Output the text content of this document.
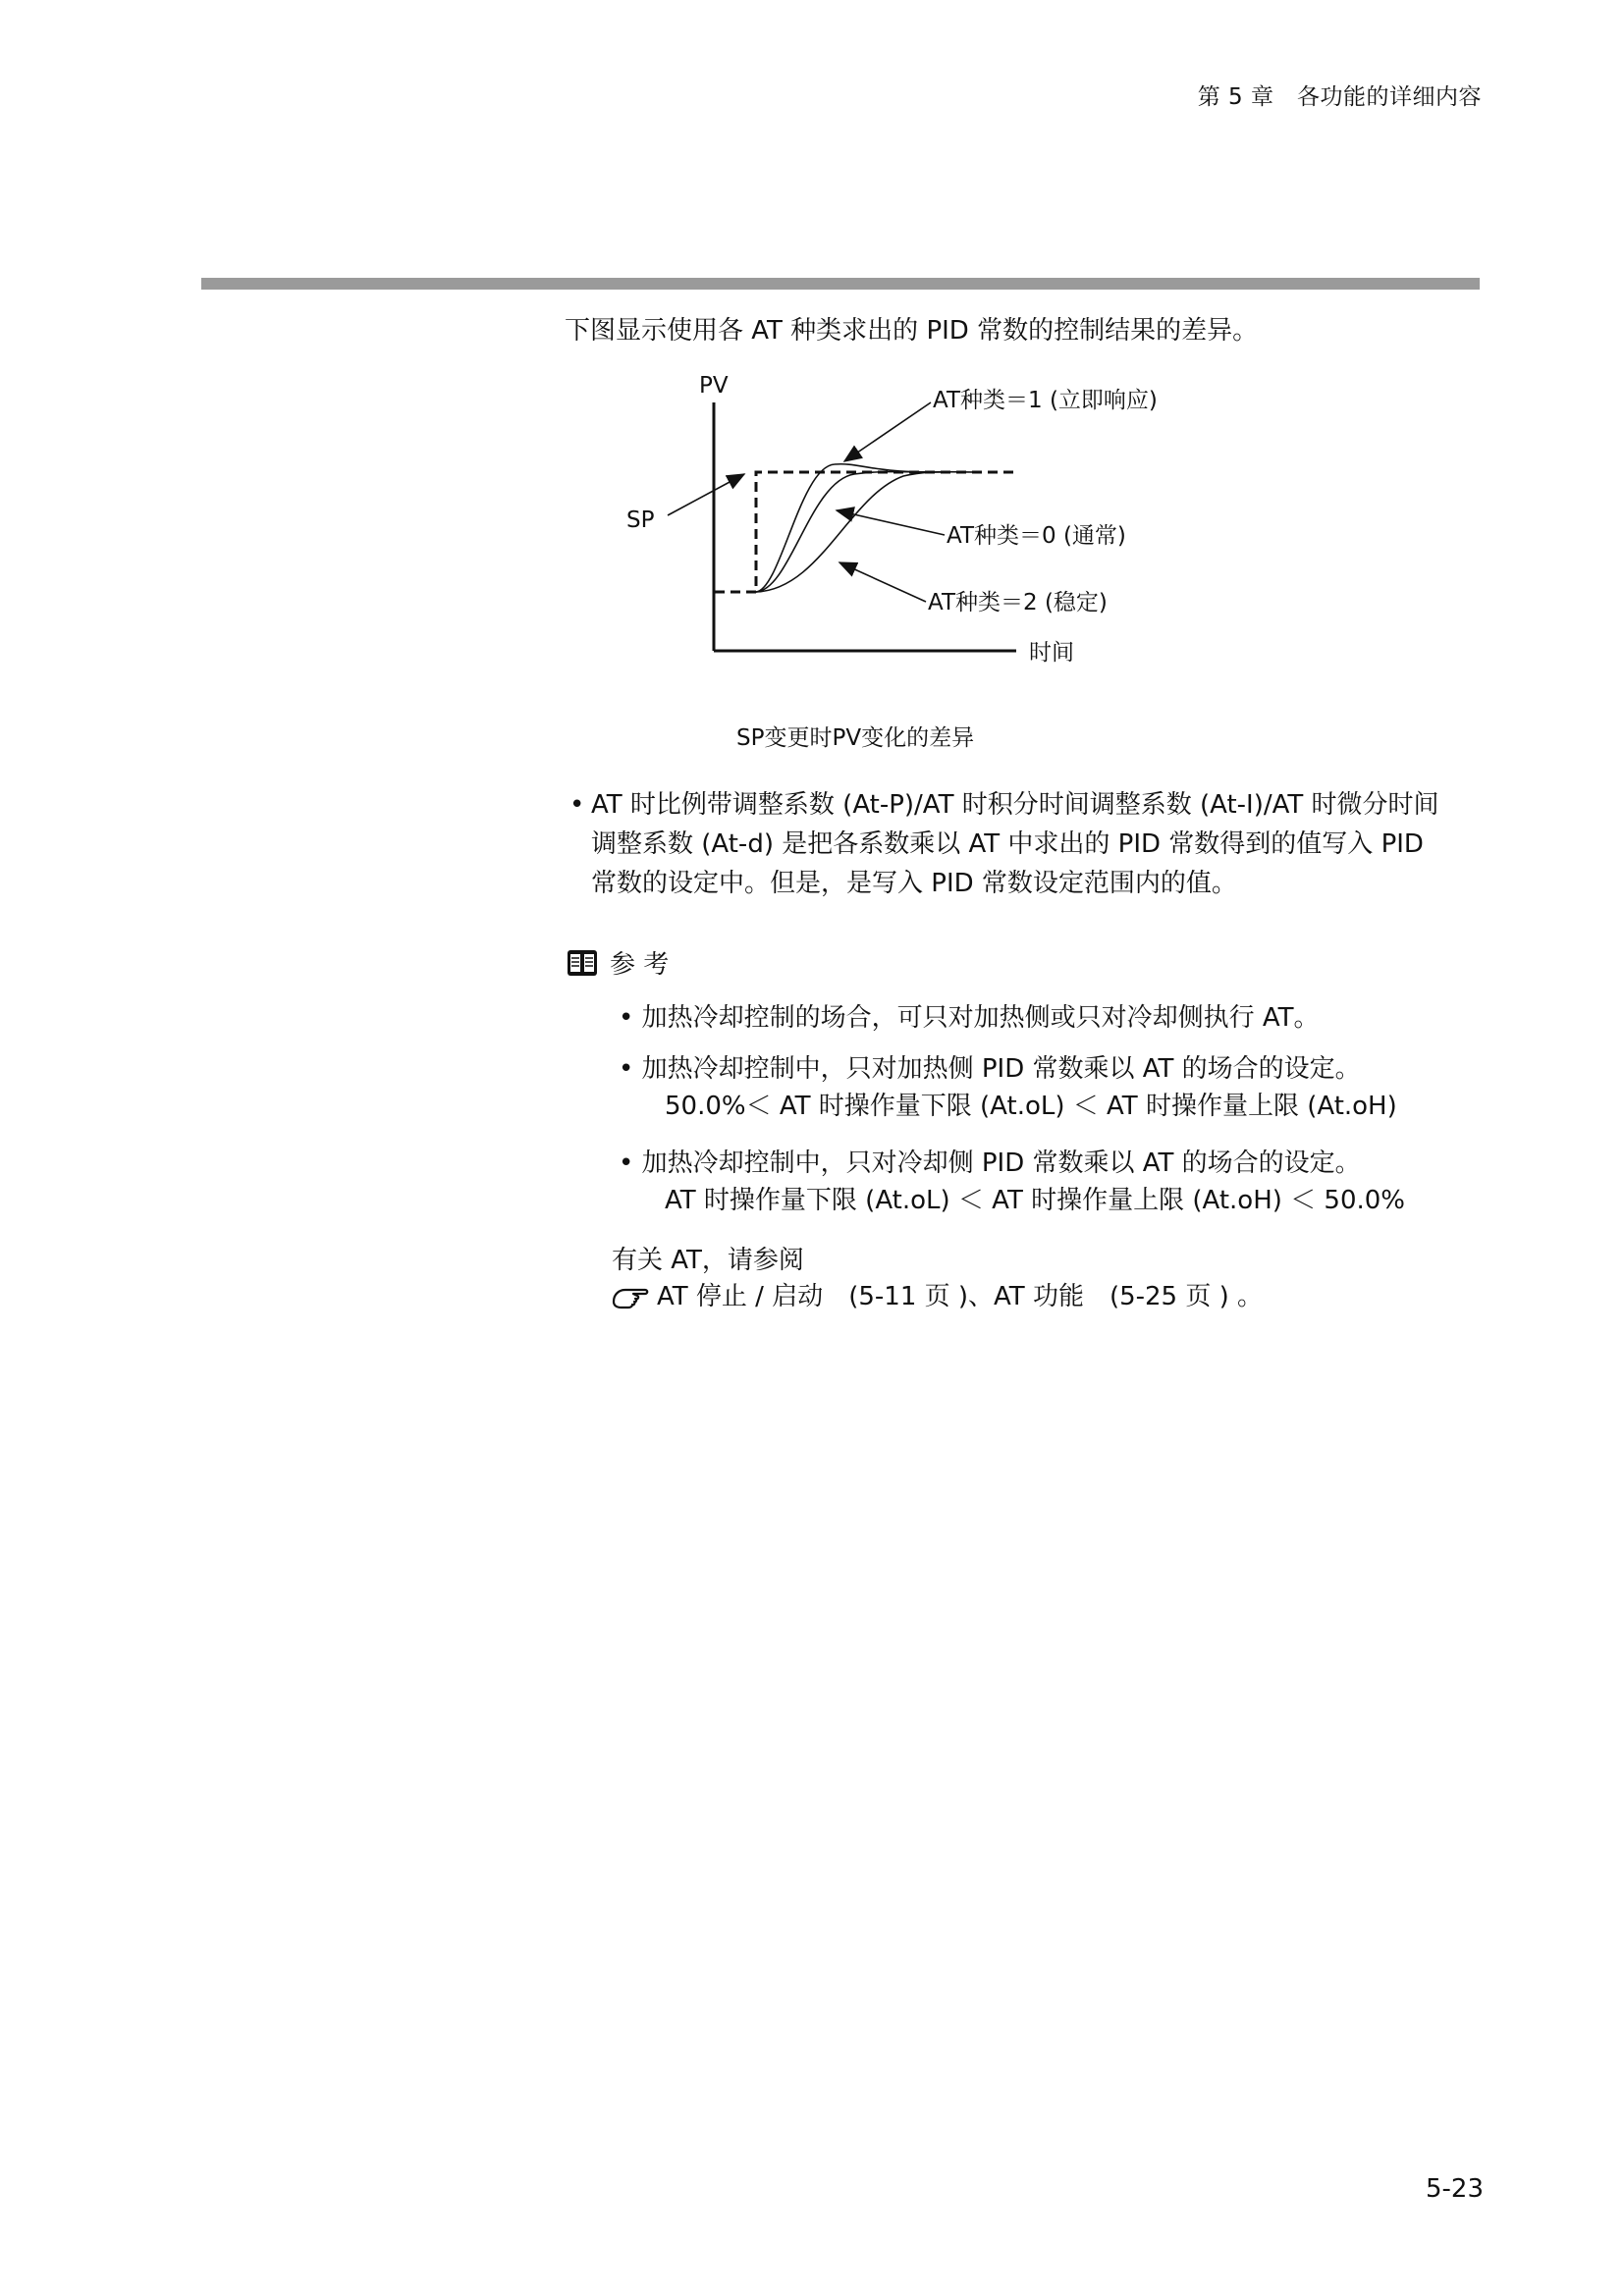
第 5 章　各功能的详细内容
下图显示使用各 AT 种类求出的 PID 常数的控制结果的差异。
PV
时间
SP
AT种类＝1 (立即响应)
AT种类＝0 (通常)
AT种类＝2 (稳定)
SP变更时PV变化的差异
• AT 时比例带调整系数 (At-P)/AT 时积分时间调整系数 (At-I)/AT 时微分时间
调整系数 (At-d) 是把各系数乘以 AT 中求出的 PID 常数得到的值写入 PID
常数的设定中。但是，是写入 PID 常数设定范围内的值。
参 考
• 加热冷却控制的场合，可只对加热侧或只对冷却侧执行 AT。
• 加热冷却控制中，只对加热侧 PID 常数乘以 AT 的场合的设定。
50.0%＜ AT 时操作量下限 (At.oL) ＜ AT 时操作量上限 (At.oH)
• 加热冷却控制中，只对冷却侧 PID 常数乘以 AT 的场合的设定。
AT 时操作量下限 (At.oL) ＜ AT 时操作量上限 (At.oH) ＜ 50.0%
有关 AT，请参阅
AT 停止 / 启动　(5-11 页 )、AT 功能　(5-25 页 ) 。
5-23
